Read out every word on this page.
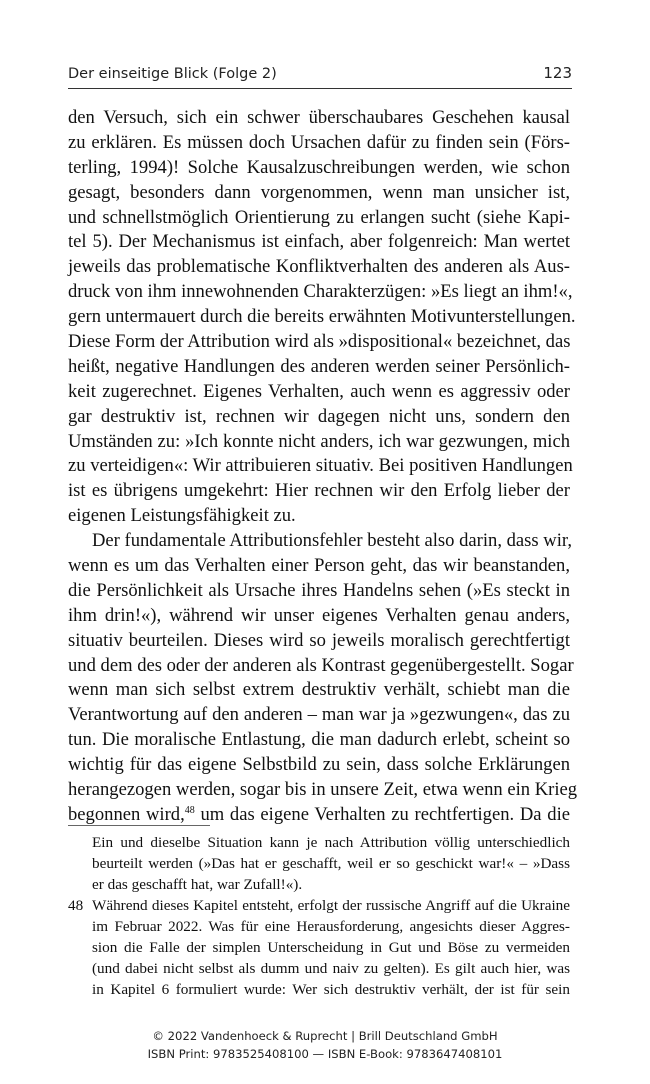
Der einseitige Blick (Folge 2)	123
den Versuch, sich ein schwer überschaubares Geschehen kausal
zu erklären. Es müssen doch Ursachen dafür zu finden sein (Förs-
terling, 1994)! Solche Kausalzuschreibungen werden, wie schon
gesagt, besonders dann vorgenommen, wenn man unsicher ist,
und schnellstmöglich Orientierung zu erlangen sucht (siehe Kapi-
tel 5). Der Mechanismus ist einfach, aber folgenreich: Man wertet
jeweils das problematische Konfliktverhalten des anderen als Aus-
druck von ihm innewohnenden Charakterzügen: »Es liegt an ihm!«,
gern untermauert durch die bereits erwähnten Motivunterstellungen.
Diese Form der Attribution wird als »dispositional« bezeichnet, das
heißt, negative Handlungen des anderen werden seiner Persönlich-
keit zugerechnet. Eigenes Verhalten, auch wenn es aggressiv oder
gar destruktiv ist, rechnen wir dagegen nicht uns, sondern den
Umständen zu: »Ich konnte nicht anders, ich war gezwungen, mich
zu verteidigen«: Wir attribuieren situativ. Bei positiven Handlungen
ist es übrigens umgekehrt: Hier rechnen wir den Erfolg lieber der
eigenen Leistungsfähigkeit zu.
Der fundamentale Attributionsfehler besteht also darin, dass wir,
wenn es um das Verhalten einer Person geht, das wir beanstanden,
die Persönlichkeit als Ursache ihres Handelns sehen (»Es steckt in
ihm drin!«), während wir unser eigenes Verhalten genau anders,
situativ beurteilen. Dieses wird so jeweils moralisch gerechtfertigt
und dem des oder der anderen als Kontrast gegenübergestellt. Sogar
wenn man sich selbst extrem destruktiv verhält, schiebt man die
Verantwortung auf den anderen – man war ja »gezwungen«, das zu
tun. Die moralische Entlastung, die man dadurch erlebt, scheint so
wichtig für das eigene Selbstbild zu sein, dass solche Erklärungen
herangezogen werden, sogar bis in unsere Zeit, etwa wenn ein Krieg
begonnen wird,$^{48}$ um das eigene Verhalten zu rechtfertigen. Da die
Ein und dieselbe Situation kann je nach Attribution völlig unterschiedlich
beurteilt werden (»Das hat er geschafft, weil er so geschickt war!« – »Dass
er das geschafft hat, war Zufall!«).
48 Während dieses Kapitel entsteht, erfolgt der russische Angriff auf die Ukraine
im Februar 2022. Was für eine Herausforderung, angesichts dieser Aggres-
sion die Falle der simplen Unterscheidung in Gut und Böse zu vermeiden
(und dabei nicht selbst als dumm und naiv zu gelten). Es gilt auch hier, was
in Kapitel 6 formuliert wurde: Wer sich destruktiv verhält, der ist für sein
© 2022 Vandenhoeck & Ruprecht | Brill Deutschland GmbH
ISBN Print: 9783525408100 — ISBN E-Book: 9783647408101
